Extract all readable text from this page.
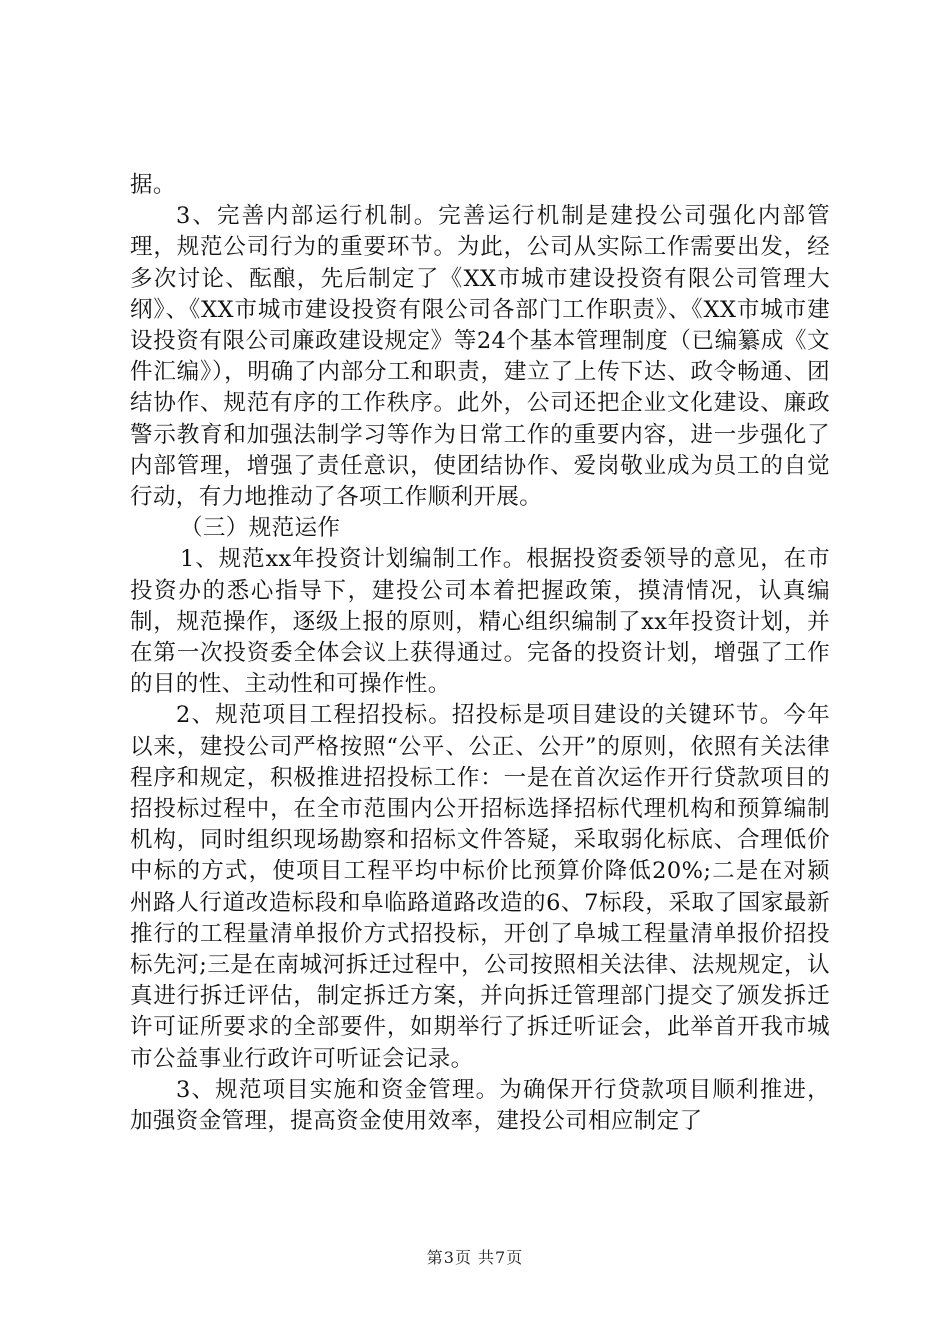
据。

3、完善内部运行机制。完善运行机制是建投公司强化内部管理，规范公司行为的重要环节。为此，公司从实际工作需要出发，经多次讨论、酝酿，先后制定了《XX市城市建设投资有限公司管理大纲》、《XX市城市建设投资有限公司各部门工作职责》、《XX市城市建设投资有限公司廉政建设规定》等24个基本管理制度（已编纂成《文件汇编》），明确了内部分工和职责，建立了上传下达、政令畅通、团结协作、规范有序的工作秩序。此外，公司还把企业文化建设、廉政警示教育和加强法制学习等作为日常工作的重要内容，进一步强化了内部管理，增强了责任意识，使团结协作、爱岗敬业成为员工的自觉行动，有力地推动了各项工作顺利开展。

（三）规范运作

1、规范xx年投资计划编制工作。根据投资委领导的意见，在市投资办的悉心指导下，建投公司本着把握政策，摸清情况，认真编制，规范操作，逐级上报的原则，精心组织编制了xx年投资计划，并在第一次投资委全体会议上获得通过。完备的投资计划，增强了工作的目的性、主动性和可操作性。

2、规范项目工程招投标。招投标是项目建设的关键环节。今年以来，建投公司严格按照“公平、公正、公开”的原则，依照有关法律程序和规定，积极推进招投标工作：一是在首次运作开行贷款项目的招投标过程中，在全市范围内公开招标选择招标代理机构和预算编制机构，同时组织现场勘察和招标文件答疑，采取弱化标底、合理低价中标的方式，使项目工程平均中标价比预算价降低20%;二是在对颍州路人行道改造标段和阜临路道路改造的6、7标段，采取了国家最新推行的工程量清单报价方式招投标，开创了阜城工程量清单报价招投标先河;三是在南城河拆迁过程中，公司按照相关法律、法规规定，认真进行拆迁评估，制定拆迁方案，并向拆迁管理部门提交了颁发拆迁许可证所要求的全部要件，如期举行了拆迁听证会，此举首开我市城市公益事业行政许可听证会记录。

3、规范项目实施和资金管理。为确保开行贷款项目顺利推进，加强资金管理，提高资金使用效率，建投公司相应制定了

第3页 共7页
